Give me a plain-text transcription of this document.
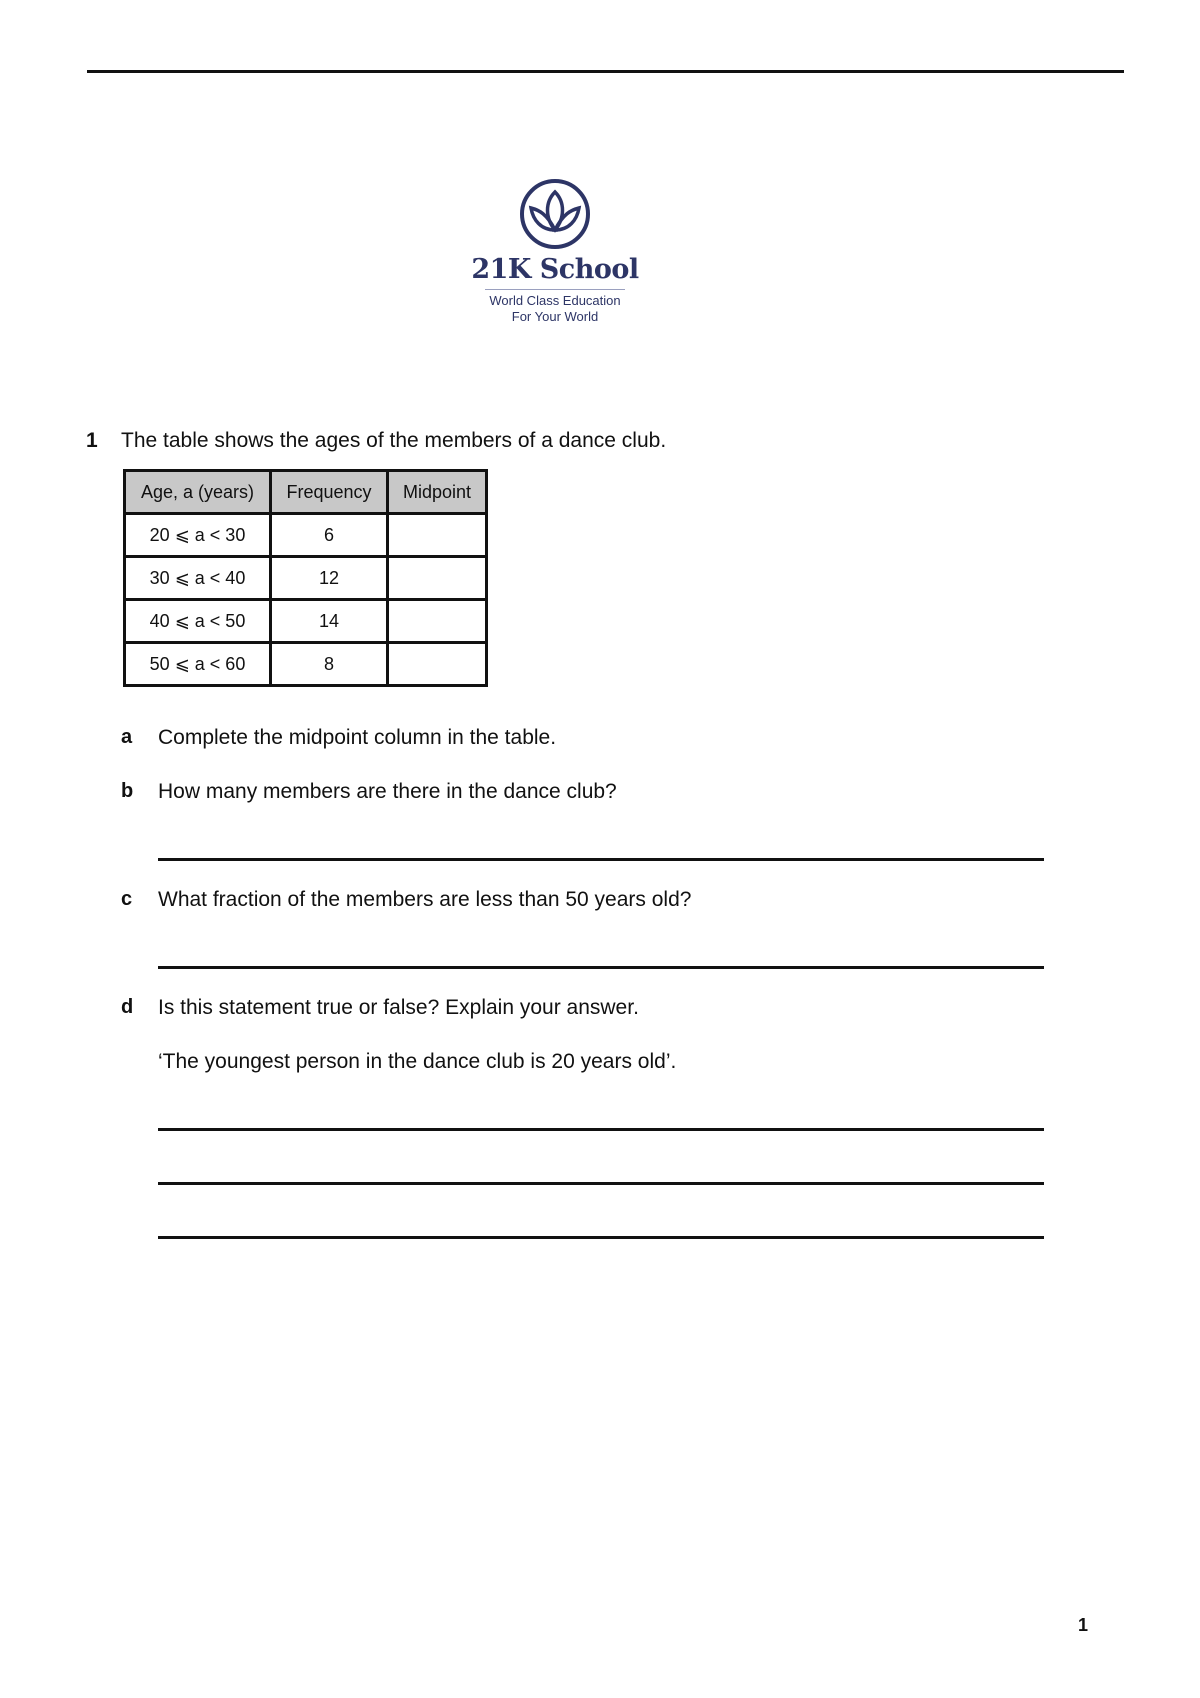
21K School
World Class Education
For Your World
1 The table shows the ages of the members of a dance club.
Age, a (years)	Frequency	Midpoint
20 ⩽ a < 30	6	
30 ⩽ a < 40	12	
40 ⩽ a < 50	14	
50 ⩽ a < 60	8	
a Complete the midpoint column in the table.
b How many members are there in the dance club?
c What fraction of the members are less than 50 years old?
d Is this statement true or false? Explain your answer.
‘The youngest person in the dance club is 20 years old’.
1
